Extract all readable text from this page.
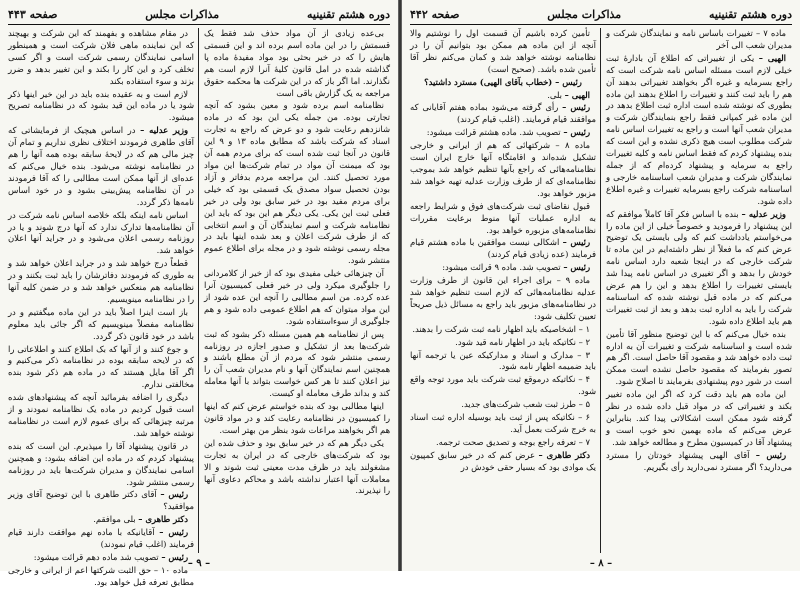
دوره هشتم تقنينيه
مذاكرات مجلس
صفحه ۴۴۳

بی‌عده زیادی از آن مواد حذف شد فقط یک قسمتش را در این ماده اسم برده اند و این قسمتی هایش را که در خیر بحثی بود مواد مفیدهٔ ماده پا گذاشته شده در امل قانون کلیه‌ٔ آنرا لازم است هم نگذارند. اما اگر باز که در این شرکت ها محکمه حقوق مراجعه به یک گزارش باقی است

نظامنامه اسم برده شود و معین بشود که آنچه تجارتی بوده. من جمله یکی این بود که در ماده شانزدهم رعایت شود و دو عرض که راجع به تجارت اسناد که شرکت باشد که مطابق ماده ۱۳ و ۹ این قانون در آنجا ثبت شده است که برای مردم همه آن بود که میمنت آن مواد در تمام شرکت‌ها این مواد مورد تحصیل کنند. این مراجعه مردم بدفاتر و آزاد بودن تحصیل سواد مصدق یک قسمتی بود که خیلی برای مردم مفید بود در خیر سابق بود ولی در خیر فعلی ثبت این یکی. یکی دیگر هم این بود که باید این نظامنامه شرکت و اسم نمایندگان آن و اسم انتخابی که از طرف شرکت اعلان و بعد شده اینها باید در مجله رسمی نوشته شود و در مجله برای اطلاع عموم منتشر شود.

آن چیزهائی خیلی مفیدی بود که از خیر از کلامردانی را جلوگیری میکرد ولی در خیر فعلی کمیسیون آنرا عده کرده. من اسم مطالبی را آنچه این عده شود از این مواد میتوان که هم اطلاع عمومی داده شود و هم جلوگیری از سوءاستفاده شود.

پس از نظامنامه هم همین مسئله ذکر بشود که ثبت شرکت‌ها بعد از تشکیل و صدور اجازه در روزنامه رسمی منتشر شود که مردم از آن مطلع باشند و همچنین اسم نمایندگان آنها و نام مدیران شعب آن را نیز اعلان کنند تا هر کس خواست بتواند با آنها معامله کند و بداند طرف معامله او کیست.

اینها مطالبی بود که بنده خواستم عرض کنم که اینها را کمیسیون در نظامنامه رعایت کند و در مواد قانون هم اگر بخواهند مراعات شود بنظر من بهتر است.

یکی دیگر هم که در خیر سابق بود و حذف شده این بود که شرکت‌های خارجی که در ایران به تجارت مشغولند باید در ظرف مدت معینی ثبت شوند و الا معاملات آنها اعتبار نداشته باشد و محاکم دعاوی آنها را نپذیرند.

در مقام مشاهده و بفهمند که این شرکت و بهیچند که این نماینده ماهی فلان شرکت است و همینطور اسامی نمایندگان رسمی شرکت است و اگر کسی تخلف کرد و این کار را بکند و این تغییر بدهد و ضرر بزند و سوء استفاده بکند

لازم است و به عقیده بنده باید در این خیر اینها ذکر شود یا در ماده این قید بشود که در نظامنامه تصریح میشود.

وزیر عدلیه – در اساس هیچیک از فرمایشاتی که آقای طاهری فرمودند اختلاف نظری نداریم و تمام آن چیز مالی هم که در لایحهٔ سابقه بوده همه آنها را هم در نظامنامه نوشته می‌شود. بنده خیال می‌کنم که عده‌ای از آنها ممکن است مطالبی را که آقا فرمودند در آن نظامنامه پیش‌بینی بشود و در خود اساس نامه‌ها ذکر گردد.

اساس نامه اینکه بلکه خلاصه اساس نامه شرکت در آن نظامنامه‌ها تدارک ندارد که آنها درج شوند و یا در روزنامه رسمی اعلان می‌شود و در جراید آنها اعلان خواهد شد.

قطعاً درج خواهد شد و در جراید اعلان خواهد شد و به طوری که فرمودند دفاترشان را باید ثبت بکنند و در نظامنامه هم منعکس خواهد شد و در ضمن کلیه آنها را در نظامنامه مینویسیم.

باز است اینرا اصلاً باید در این ماده میگفتیم و در نظامنامه مفصلاً مینویسیم که اگر جائی باید معلوم باشد در خود قانون ذکر گردد.

و جوع کنند و از آنها که بک اطلاع کنند و اطلاعاتی را که در لایحه سابقه بوده در نظامنامه ذکر می‌کنیم و اگر آقا مایل هستند که در ماده هم ذکر شود بنده مخالفتی ندارم.

دیگری را اضافه بفرمائید آنچه که پیشنهادهای شده است قبول کردیم در ماده یک نظامنامه نمودند و از مرتبه چیزهائی که برای عموم لازم است در نظامنامه نوشته خواهد شد.

در قانون پیشنهاد آقا را میپذیرم. این است که بنده پیشنهاد کردم که در ماده این اضافه بشود: و همچنین اسامی نمایندگان و مدیران شرکت‌ها باید در روزنامه رسمی منتشر شود.

رئیس – آقای دکتر طاهری با این توضیح آقای وزیر موافقید؟

دکتر طاهری – بلی موافقم.

رئیس – آقایانیکه با ماده نهم موافقت دارند قیام فرمایند (اغلب قیام نمودند)

رئیس – تصویب شد ماده دهم قرائت میشود:

ماده ۱۰ – حق الثبت شرکتها اعم از ایرانی و خارجی مطابق تعرفه قبل خواهد بود.

– ۹ –
دوره هشتم تقنينيه
مذاكرات مجلس
صفحه ۴۴۲

ماده ۷ – تغییرات باساس نامه و نمایندگان شرکت و مدیران شعب الی آخر

الهیی – یکی از تغییراتی که اطلاع آن بادارهٔ ثبت خیلی لازم است مسئله اساس نامه شرکت است که راجع بسرمایه و غیره اگر بخواهند تغییراتی بدهند آن هم را باید ثبت کنند و تغییرات را اطلاع بدهند این ماده بطوری که نوشته شده است اداره ثبت اطلاع بدهد در این ماده غیر کمپانی فقط راجع بنمایندگان شرکت و مدیران شعب آنها است و راجع به تغییرات اساس نامه شرکت مطلوب است هیچ ذکری نشده و این است که بنده پیشنهاد کردم که فقط اساس نامه و کلیه تغییرات راجع به سرمایه و پیشنهاد کرده‌ام که از جمله نمایندگان شرکت و مدیران شعب اساسنامه خارجی و اساسنامه شرکت راجع بسرمایه تغییرات و غیره اطلاع داده شود.

وزیر عدلیه – بنده با اساس فکر آقا کاملاً موافقم که این پیشنهاد را فرمودید و خصوصاً خیلی از این ماده را می‌خواستم یادداشت کنم که ولی بایستی یک توضیح عرض کنم که ما فعلاً از نظر داشته‌ایم در این ماده تا شرکت خارجی که در اینجا شعبه دارد اساس نامه خودش را بدهد و اگر تغییری در اساس نامه پیدا شد بایستی تغییرات را اطلاع بدهد و این را هم عرض می‌کنم که در ماده قبل نوشته شده که اساسنامه شرکت را باید به اداره ثبت بدهد و بعد از ثبت تغییرات هم باید اطلاع داده شود.

بنده خیال می‌کنم که با این توضیح منظور آقا تأمین شده است و اساسنامه شرکت و تغییرات آن به اداره ثبت داده خواهد شد و مقصود آقا حاصل است. اگر هم تصور بفرمایند که مقصود حاصل نشده است ممکن است در شور دوم پیشنهادی بفرمایند تا اصلاح شود.

این ماده هم باید دقت کرد که اگر این ماده تغییر بکند و تغییراتی که در مواد قبل داده شده در نظر گرفته شود ممکن است اشکالاتی پیدا کند. بنابراین عرض می‌کنم که ماده بهمین نحو خوب است و پیشنهاد آقا در کمیسیون مطرح و مطالعه خواهد شد.

رئیس – آقای الهیی پیشنهاد خودتان را مسترد می‌دارید؟ اگر مسترد نمی‌دارید رأی بگیریم.

تأمین کرده باشیم آن قسمت اول را نوشتیم والا آنچه از این ماده هم ممکن بود بتوانیم آن را در نظامنامه نوشته خواهد شد و کمان می‌کنم نظر آقا تأمین شده باشد. (صحیح است)

رئیس – (خطاب بآقای الهیی) مسترد داشتید؟

الهیی – بلی.

رئیس – رأی گرفته می‌شود بماده هفتم آقایانی که موافقند قیام فرمایند. (اغلب قیام کردند)

رئیس – تصویب شد. ماده هشتم قرائت میشود:

ماده ۸ – شرکتهائی که هم از ایرانی و خارجی تشکیل شده‌اند و اقامتگاه آنها خارج ایران است نظامنامه‌هائی که راجع بآنها تنظیم خواهد شد بموجب نظامنامه‌ای که از طرف وزارت عدلیه تهیه خواهد شد مزبور خواهد بود.

قبول نقاضای ثبت شرکت‌های فوق و شرایط راجعه به اداره عملیات آنها منوط برعایت مقررات نظامنامه‌های مزبوره خواهد بود.

رئیس – اشکالی نیست موافقین با ماده هشتم قیام فرمایند (عده زیادی قیام کردند)

رئیس – تصویب شد. ماده ۹ قرائت میشود:

ماده ۹ – برای اجراء این قانون از طرف وزارت عدلیه نظامنامه‌هائی که لازم است تنظیم خواهد شد در نظامنامه‌های مزبور باید راجع به مسائل ذیل صریحاً تعیین تکلیف شود:

۱ – اشخاصیکه باید اظهار نامه ثبت شرکت را بدهند.

۲ – نکاتیکه باید در اظهار نامه قید شود.

۳ – مدارک و اسناد و مدارکیکه عین یا ترجمه آنها باید ضمیمه اظهار نامه شود.

۴ – نکاتیکه درموقع ثبت شرکت باید مورد توجه واقع شود.

۵ – طرز ثبت شعب شرکت‌های جدید.

۶ – نکاتیکه پس از ثبت باید بوسیله اداره ثبت اسناد به خرج شرکت بعمل آید.

۷ – تعرفه راجع بوجه و تصدیق صحت ترجمه.

دکتر طاهری – عرض کنم که در خیر سابق کمپیون یک موادی بود که بسیار حقی خودش در

– ۸ –
